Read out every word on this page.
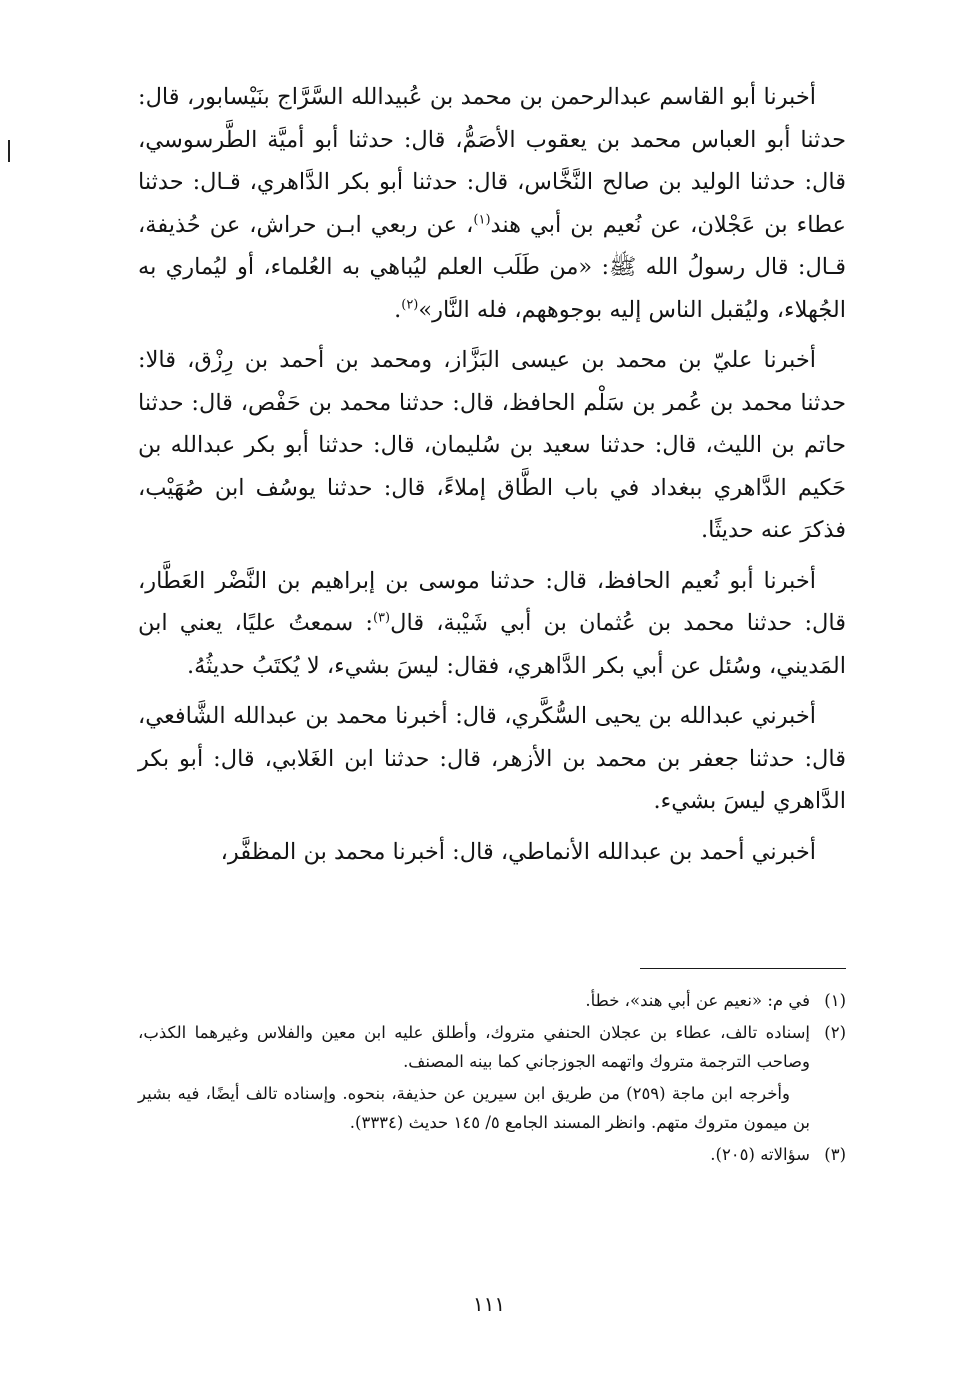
أخبرنا أبو القاسم عبدالرحمن بن محمد بن عُبيدالله السَّرَّاج بنَيْسابور، قال: حدثنا أبو العباس محمد بن يعقوب الأصَمُّ، قال: حدثنا أبو أميَّة الطَّرسوسي، قال: حدثنا الوليد بن صالح النَّخَّاس، قال: حدثنا أبو بكر الدَّاهري، قـال: حدثنا عطاء بن عَجْلان، عن نُعيم بن أبي هند$^{(١)}$، عن ربعي ابـن حراش، عن حُذيفة، قـال: قال رسولُ الله ﷺ: «من طَلَب العلم ليُباهي به العُلماء، أو ليُماري به الجُهلاء، وليُقبل الناس إليه بوجوههم، فله النَّار»$^{(٢)}$.

أخبرنا عليّ بن محمد بن عيسى البَزَّاز، ومحمد بن أحمد بن رِزْق، قالا: حدثنا محمد بن عُمر بن سَلْم الحافظ، قال: حدثنا محمد بن حَفْص، قال: حدثنا حاتم بن الليث، قال: حدثنا سعيد بن سُليمان، قال: حدثنا أبو بكر عبدالله بن حَكيم الدَّاهري ببغداد في باب الطَّاق إملاءً، قال: حدثنا يوسُف ابن صُهَيْب، فذكرَ عنه حديثًا.

أخبرنا أبو نُعيم الحافظ، قال: حدثنا موسى بن إبراهيم بن النَّضْر العَطَّار، قال: حدثنا محمد بن عُثمان بن أبي شَيْبة، قال$^{(٣)}$: سمعتُ عليًا، يعني ابن المَديني، وسُئل عن أبي بكر الدَّاهري، فقال: ليسَ بشيء، لا يُكتَبُ حديثُهُ.

أخبرني عبدالله بن يحيى السُّكَّري، قال: أخبرنا محمد بن عبدالله الشَّافعي، قال: حدثنا جعفر بن محمد بن الأزهر، قال: حدثنا ابن الغَلابي، قال: أبو بكر الدَّاهري ليسَ بشيء.

أخبرني أحمد بن عبدالله الأنماطي، قال: أخبرنا محمد بن المظفَّر،

(١)
في م: «نعيم عن أبي هند»، خطأ.
(٢)
إسناده تالف، عطاء بن عجلان الحنفي متروك، وأطلق عليه ابن معين والفلاس وغيرهما الكذب، وصاحب الترجمة متروك واتهمه الجوزجاني كما بينه المصنف.
وأخرجه ابن ماجة (٢٥٩) من طريق ابن سيرين عن حذيفة، بنحوه. وإسناده تالف أيضًا، فيه بشير بن ميمون متروك متهم. وانظر المسند الجامع ٥/ ١٤٥ حديث (٣٣٣٤).
(٣)
سؤالاته (٢٠٥).
١١١
